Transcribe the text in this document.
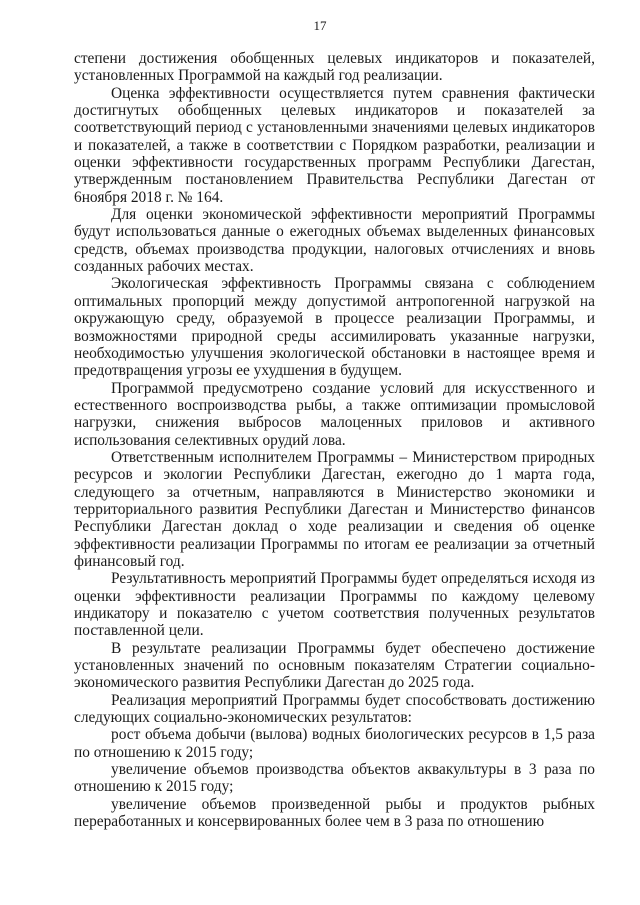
17

степени достижения обобщенных целевых индикаторов и показателей, установленных Программой на каждый год реализации.

Оценка эффективности осуществляется путем сравнения фактически достигнутых обобщенных целевых индикаторов и показателей за соответствующий период с установленными значениями целевых индикаторов и показателей, а также в соответствии с Порядком разработки, реализации и оценки эффективности государственных программ Республики Дагестан, утвержденным постановлением Правительства Республики Дагестан от 6ноября 2018 г. № 164.

Для оценки экономической эффективности мероприятий Программы будут использоваться данные о ежегодных объемах выделенных финансовых средств, объемах производства продукции, налоговых отчислениях и вновь созданных рабочих местах.

Экологическая эффективность Программы связана с соблюдением оптимальных пропорций между допустимой антропогенной нагрузкой на окружающую среду, образуемой в процессе реализации Программы, и возможностями природной среды ассимилировать указанные нагрузки, необходимостью улучшения экологической обстановки в настоящее время и предотвращения угрозы ее ухудшения в будущем.

Программой предусмотрено создание условий для искусственного и естественного воспроизводства рыбы, а также оптимизации промысловой нагрузки, снижения выбросов малоценных приловов и активного использования селективных орудий лова.

Ответственным исполнителем Программы – Министерством природных ресурсов и экологии Республики Дагестан, ежегодно до 1 марта года, следующего за отчетным, направляются в Министерство экономики и территориального развития Республики Дагестан и Министерство финансов Республики Дагестан доклад о ходе реализации и сведения об оценке эффективности реализации Программы по итогам ее реализации за отчетный финансовый год.

Результативность мероприятий Программы будет определяться исходя из оценки эффективности реализации Программы по каждому целевому индикатору и показателю с учетом соответствия полученных результатов поставленной цели.

В результате реализации Программы будет обеспечено достижение установленных значений по основным показателям Стратегии социально-экономического развития Республики Дагестан до 2025 года.

Реализация мероприятий Программы будет способствовать достижению следующих социально-экономических результатов:

рост объема добычи (вылова) водных биологических ресурсов в 1,5 раза по отношению к 2015 году;

увеличение объемов производства объектов аквакультуры в 3 раза по отношению к 2015 году;

увеличение объемов произведенной рыбы и продуктов рыбных переработанных и консервированных более чем в 3 раза по отношению
